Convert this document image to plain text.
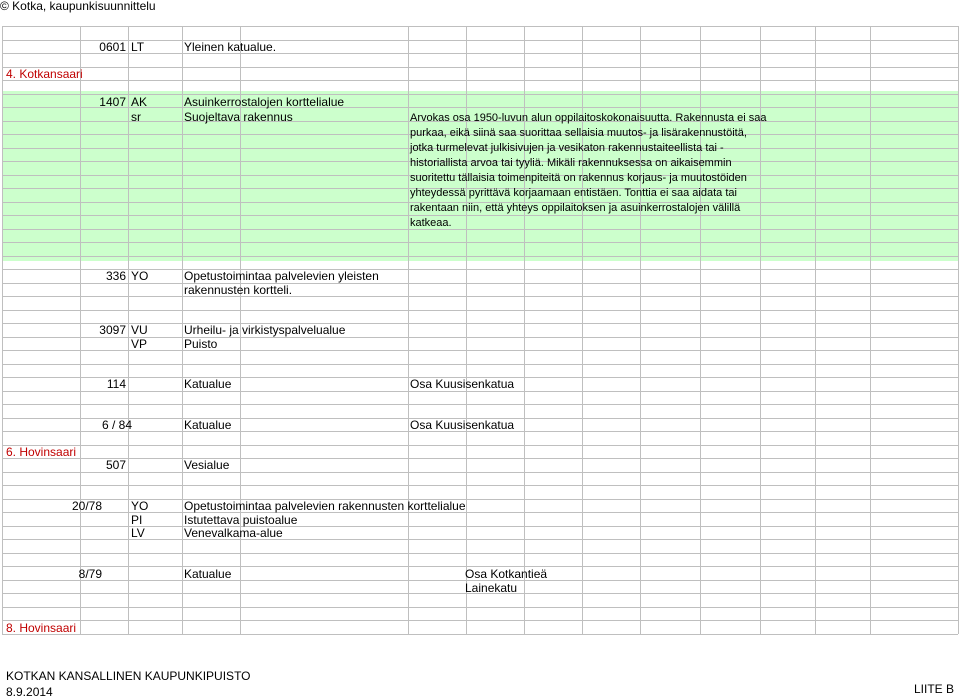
© Kotka, kaupunkisuunnittelu
4. Kotkansaari
6. Hovinsaari
8. Hovinsaari
0601 LT	Yleinen katualue.
1407 AK	Asuinkerrostalojen korttelialue
sr	Suojeltava rakennus	Arvokas osa 1950-luvun alun oppilaitoskokonaisuutta. Rakennusta ei saa purkaa, eikä siinä saa suorittaa sellaisia muutos- ja lisärakennustöitä, jotka turmelevat julkisivujen ja vesikaton rakennustaiteellista tai -historiallista arvoa tai tyyliä. Mikäli rakennuksessa on aikaisemmin suoritettu tällaisia toimenpiteitä on rakennus korjaus- ja muutostöiden yhteydessä pyrittävä korjaamaan entistäen. Tonttia ei saa aidata tai rakentaan niin, että yhteys oppilaitoksen ja asuinkerrostalojen välillä katkeaa.
336 YO	Opetustoimintaa palvelevien yleisten rakennusten kortteli.
3097 VU	Urheilu- ja virkistyspalvelualue
VP	Puisto
114	Katualue	Osa Kuusisenkatua
6 / 84	Katualue	Osa Kuusisenkatua
507	Vesialue
20/78 YO	Opetustoimintaa palvelevien rakennusten korttelialue
PI	Istutettava puistoalue
LV	Venevalkama-alue
8/79	Katualue	Osa Kotkantieä
Lainekatu
KOTKAN KANSALLINEN KAUPUNKIPUISTO
8.9.2014	LIITE B
